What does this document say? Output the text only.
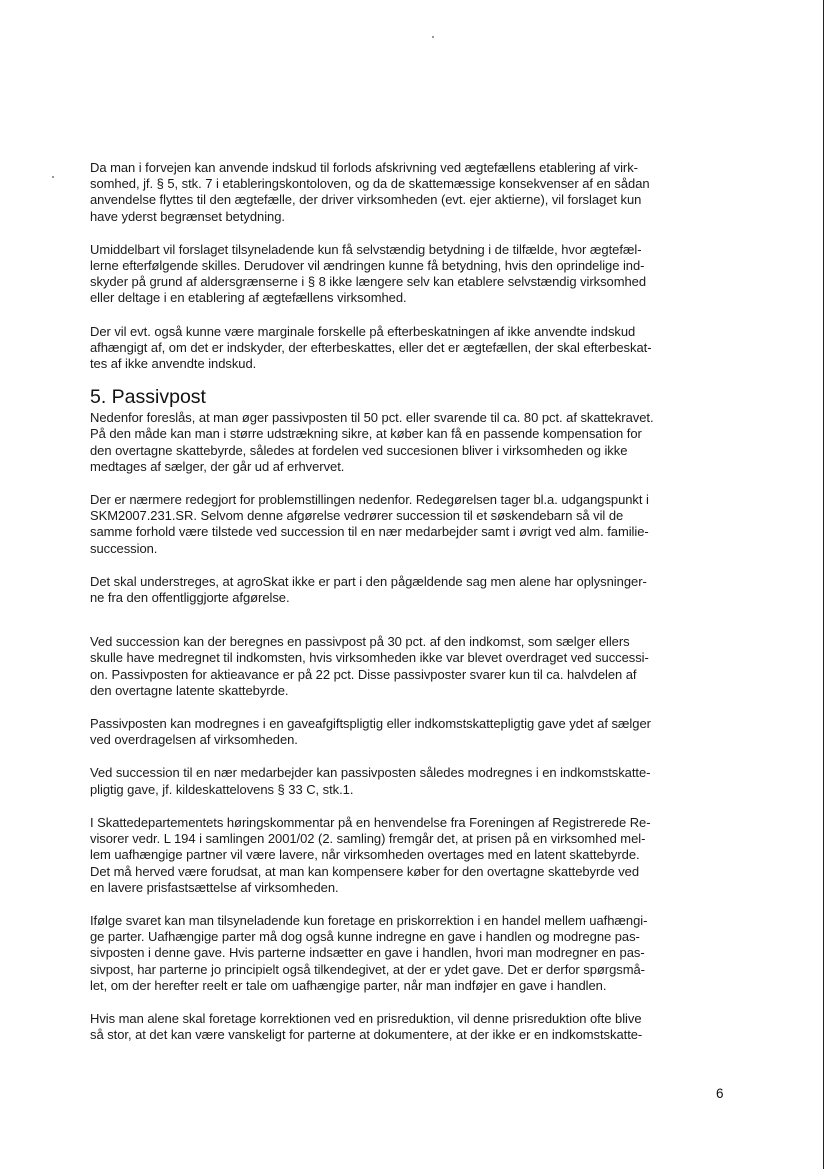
Da man i forvejen kan anvende indskud til forlods afskrivning ved ægtefællens etablering af virk-
somhed, jf. § 5, stk. 7 i etableringskontoloven, og da de skattemæssige konsekvenser af en sådan
anvendelse flyttes til den ægtefælle, der driver virksomheden (evt. ejer aktierne), vil forslaget kun
have yderst begrænset betydning.

Umiddelbart vil forslaget tilsyneladende kun få selvstændig betydning i de tilfælde, hvor ægtefæl-
lerne efterfølgende skilles. Derudover vil ændringen kunne få betydning, hvis den oprindelige ind-
skyder på grund af aldersgrænserne i § 8 ikke længere selv kan etablere selvstændig virksomhed
eller deltage i en etablering af ægtefællens virksomhed.

Der vil evt. også kunne være marginale forskelle på efterbeskatningen af ikke anvendte indskud
afhængigt af, om det er indskyder, der efterbeskattes, eller det er ægtefællen, der skal efterbeskat-
tes af ikke anvendte indskud.

5. Passivpost

Nedenfor foreslås, at man øger passivposten til 50 pct. eller svarende til ca. 80 pct. af skattekravet.
På den måde kan man i større udstrækning sikre, at køber kan få en passende kompensation for
den overtagne skattebyrde, således at fordelen ved succesionen bliver i virksomheden og ikke
medtages af sælger, der går ud af erhvervet.

Der er nærmere redegjort for problemstillingen nedenfor. Redegørelsen tager bl.a. udgangspunkt i
SKM2007.231.SR. Selvom denne afgørelse vedrører succession til et søskendebarn så vil de
samme forhold være tilstede ved succession til en nær medarbejder samt i øvrigt ved alm. familie-
succession.

Det skal understreges, at agroSkat ikke er part i den pågældende sag men alene har oplysninger-
ne fra den offentliggjorte afgørelse.

Ved succession kan der beregnes en passivpost på 30 pct. af den indkomst, som sælger ellers
skulle have medregnet til indkomsten, hvis virksomheden ikke var blevet overdraget ved successi-
on. Passivposten for aktieavance er på 22 pct. Disse passivposter svarer kun til ca. halvdelen af
den overtagne latente skattebyrde.

Passivposten kan modregnes i en gaveafgiftspligtig eller indkomstskattepligtig gave ydet af sælger
ved overdragelsen af virksomheden.

Ved succession til en nær medarbejder kan passivposten således modregnes i en indkomstskatte-
pligtig gave, jf. kildeskattelovens § 33 C, stk.1.

I Skattedepartementets høringskommentar på en henvendelse fra Foreningen af Registrerede Re-
visorer vedr. L 194 i samlingen 2001/02 (2. samling) fremgår det, at prisen på en virksomhed mel-
lem uafhængige partner vil være lavere, når virksomheden overtages med en latent skattebyrde.
Det må herved være forudsat, at man kan kompensere køber for den overtagne skattebyrde ved
en lavere prisfastsættelse af virksomheden.

Ifølge svaret kan man tilsyneladende kun foretage en priskorrektion i en handel mellem uafhængi-
ge parter. Uafhængige parter må dog også kunne indregne en gave i handlen og modregne pas-
sivposten i denne gave. Hvis parterne indsætter en gave i handlen, hvori man modregner en pas-
sivpost, har parterne jo principielt også tilkendegivet, at der er ydet gave. Det er derfor spørgsmå-
let, om der herefter reelt er tale om uafhængige parter, når man indføjer en gave i handlen.

Hvis man alene skal foretage korrektionen ved en prisreduktion, vil denne prisreduktion ofte blive
så stor, at det kan være vanskeligt for parterne at dokumentere, at der ikke er en indkomstskatte-

6
